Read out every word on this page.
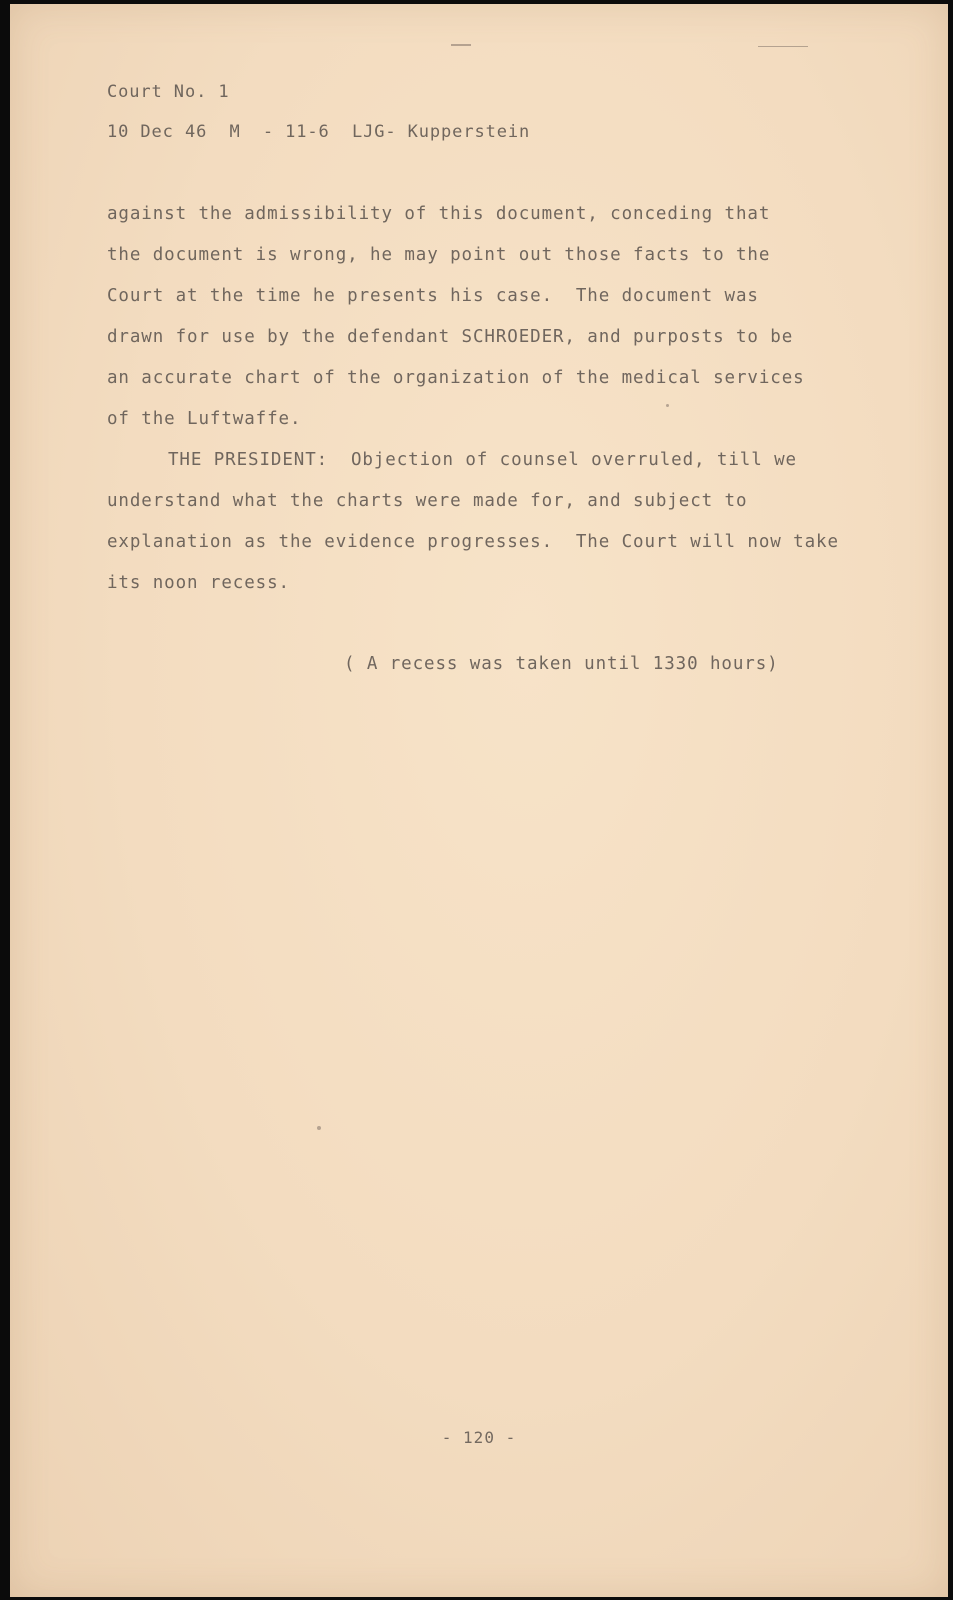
Court No. 1
10 Dec 46  M  - 11-6  LJG- Kupperstein
against the admissibility of this document, conceding that
the document is wrong, he may point out those facts to the
Court at the time he presents his case.  The document was
drawn for use by the defendant SCHROEDER, and purposts to be
an accurate chart of the organization of the medical services
of the Luftwaffe.
THE PRESIDENT:  Objection of counsel overruled, till we
understand what the charts were made for, and subject to
explanation as the evidence progresses.  The Court will now take
its noon recess.
( A recess was taken until 1330 hours)
- 120 -
